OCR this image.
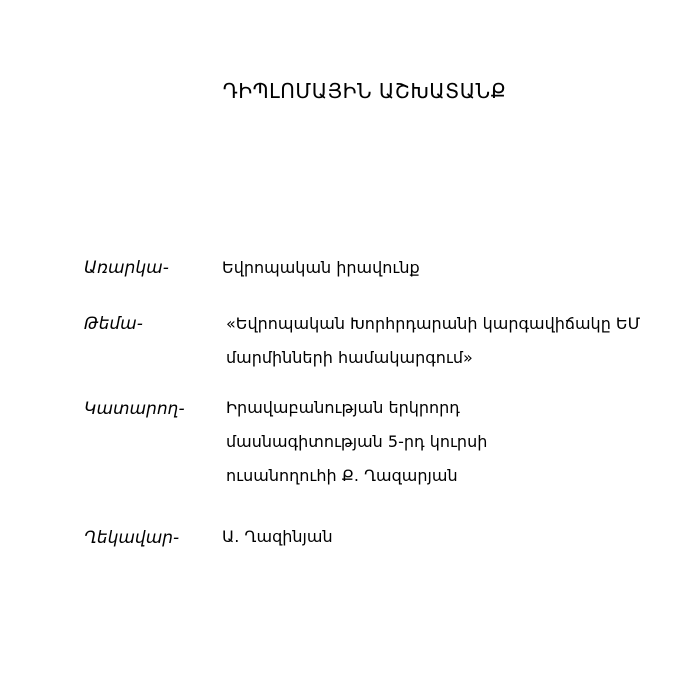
ԴԻՊԼՈՄԱՅԻՆ ԱՇԽԱՏԱՆՔ
Առարկա-	Եվրոպական իրավունք
Թեմա-	«Եվրոպական Խորհրդարանի կարգավիճակը ԵՄ
մարմինների համակարգում»
Կատարող-	Իրավաբանության երկրորդ
մասնագիտության 5-րդ կուրսի
ուսանողուհի Ք. Ղազարյան
Ղեկավար-	Ա. Ղազինյան
